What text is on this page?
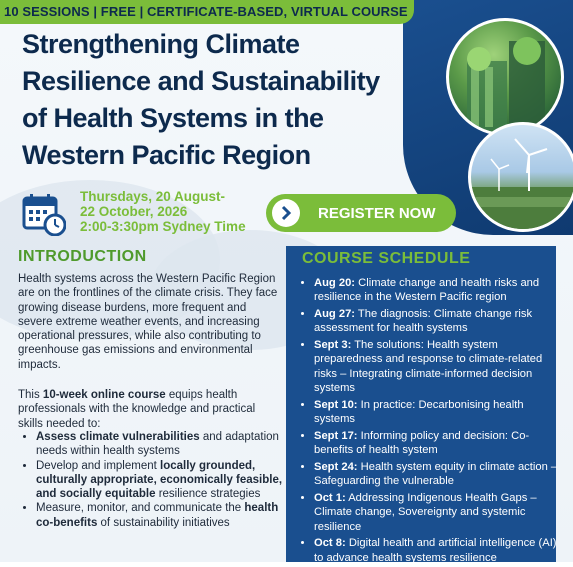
10 SESSIONS | FREE | CERTIFICATE-BASED, VIRTUAL COURSE
Strengthening Climate
Resilience and Sustainability
of Health Systems in the
Western Pacific Region
Thursdays, 20 August-
22 October, 2026
2:00-3:30pm Sydney Time
REGISTER NOW
INTRODUCTION
Health systems across the Western Pacific Region are on the frontlines of the climate crisis. They face growing disease burdens, more frequent and severe extreme weather events, and increasing operational pressures, while also contributing to greenhouse gas emissions and environmental impacts.
This 10-week online course equips health professionals with the knowledge and practical skills needed to:
• Assess climate vulnerabilities and adaptation needs within health systems
• Develop and implement locally grounded, culturally appropriate, economically feasible, and socially equitable resilience strategies
• Measure, monitor, and communicate the health co-benefits of sustainability initiatives
COURSE SCHEDULE
• Aug 20: Climate change and health risks and resilience in the Western Pacific region
• Aug 27: The diagnosis: Climate change risk assessment for health systems
• Sept 3: The solutions: Health system preparedness and response to climate-related risks – Integrating climate-informed decision systems
• Sept 10: In practice: Decarbonising health systems
• Sept 17: Informing policy and decision: Co-benefits of health system
• Sept 24: Health system equity in climate action – Safeguarding the vulnerable
• Oct 1: Addressing Indigenous Health Gaps – Climate change, Sovereignty and systemic resilience
• Oct 8: Digital health and artificial intelligence (AI) to advance health systems resilience
